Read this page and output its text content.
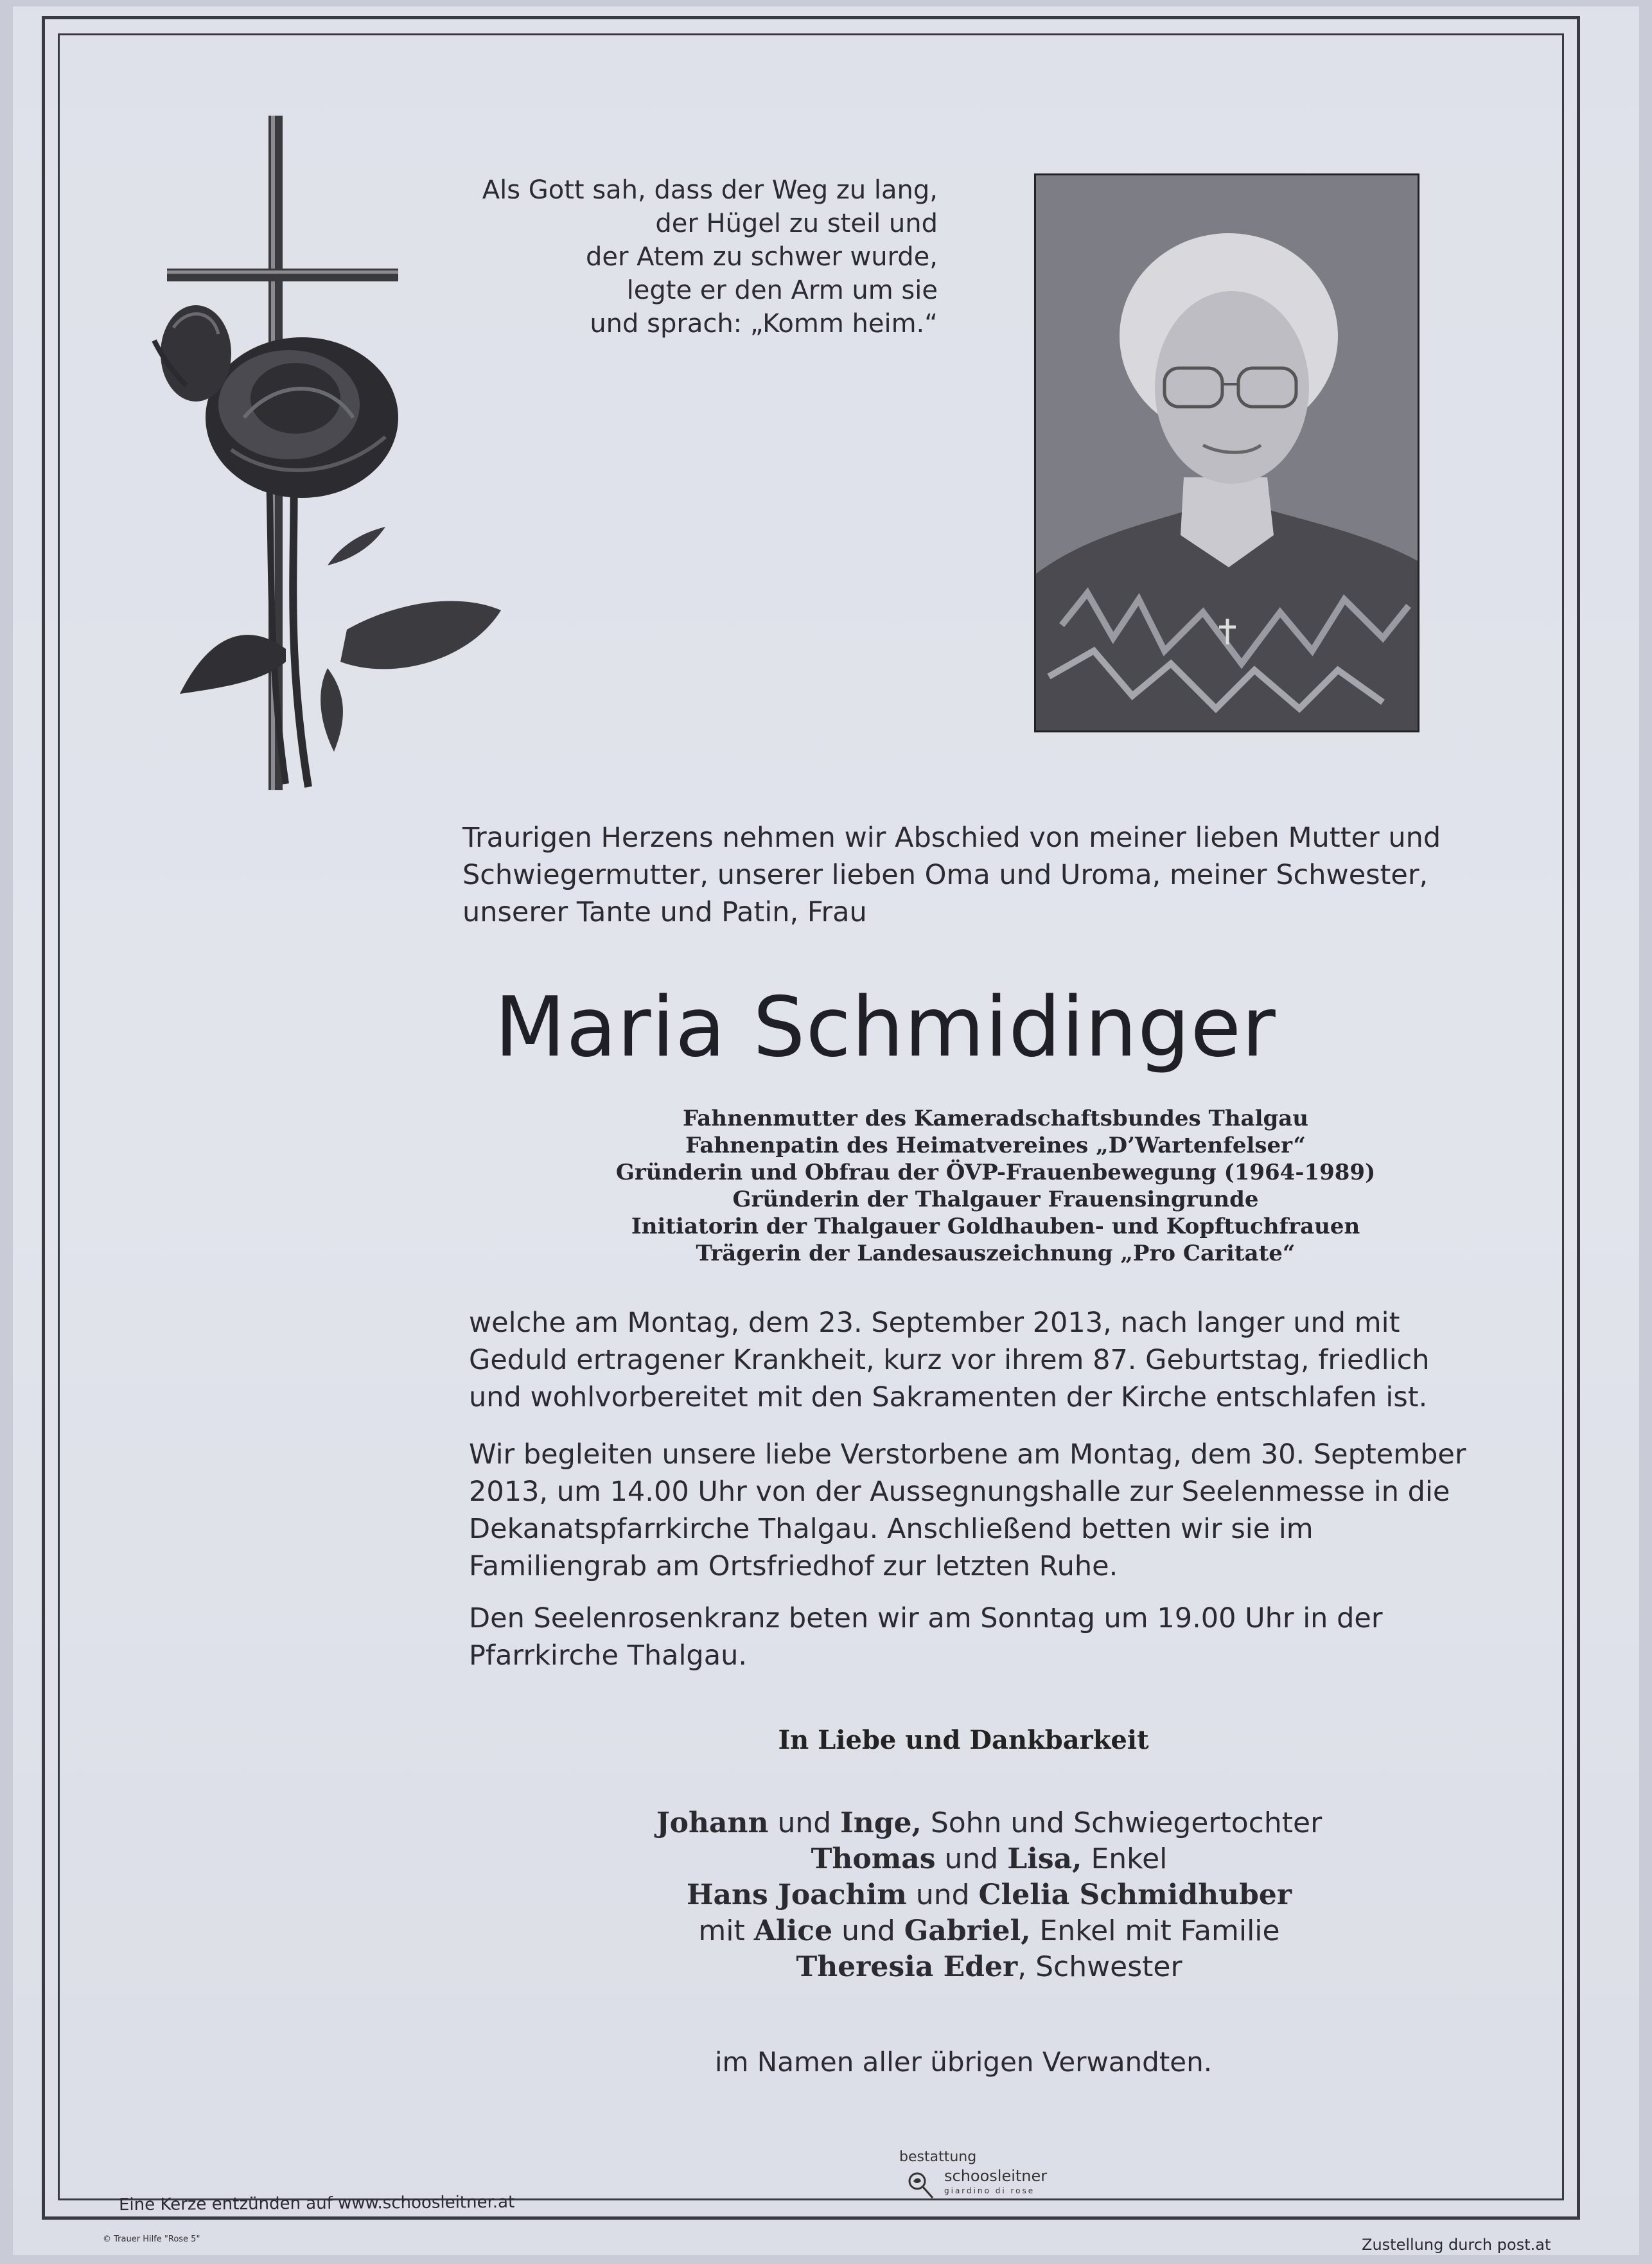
Als Gott sah, dass der Weg zu lang,
der Hügel zu steil und
der Atem zu schwer wurde,
legte er den Arm um sie
und sprach: „Komm heim.“
Traurigen Herzens nehmen wir Abschied von meiner lieben Mutter und
Schwiegermutter, unserer lieben Oma und Uroma, meiner Schwester,
unserer Tante und Patin, Frau
Maria Schmidinger
Fahnenmutter des Kameradschaftsbundes Thalgau
Fahnenpatin des Heimatvereines „D’Wartenfelser“
Gründerin und Obfrau der ÖVP-Frauenbewegung (1964-1989)
Gründerin der Thalgauer Frauensingrunde
Initiatorin der Thalgauer Goldhauben- und Kopftuchfrauen
Trägerin der Landesauszeichnung „Pro Caritate“
welche am Montag, dem 23. September 2013, nach langer und mit
Geduld ertragener Krankheit, kurz vor ihrem 87. Geburtstag, friedlich
und wohlvorbereitet mit den Sakramenten der Kirche entschlafen ist.
Wir begleiten unsere liebe Verstorbene am Montag, dem 30. September
2013, um 14.00 Uhr von der Aussegnungshalle zur Seelenmesse in die
Dekanatspfarrkirche Thalgau. Anschließend betten wir sie im
Familiengrab am Ortsfriedhof zur letzten Ruhe.
Den Seelenrosenkranz beten wir am Sonntag um 19.00 Uhr in der
Pfarrkirche Thalgau.
In Liebe und Dankbarkeit
Johann und Inge, Sohn und Schwiegertochter
Thomas und Lisa, Enkel
Hans Joachim und Clelia Schmidhuber
mit Alice und Gabriel, Enkel mit Familie
Theresia Eder, Schwester
im Namen aller übrigen Verwandten.
bestattung
schoosleitner
giardino di rose
Eine Kerze entzünden auf www.schoosleitner.at
© Trauer Hilfe "Rose 5"	Zustellung durch post.at
